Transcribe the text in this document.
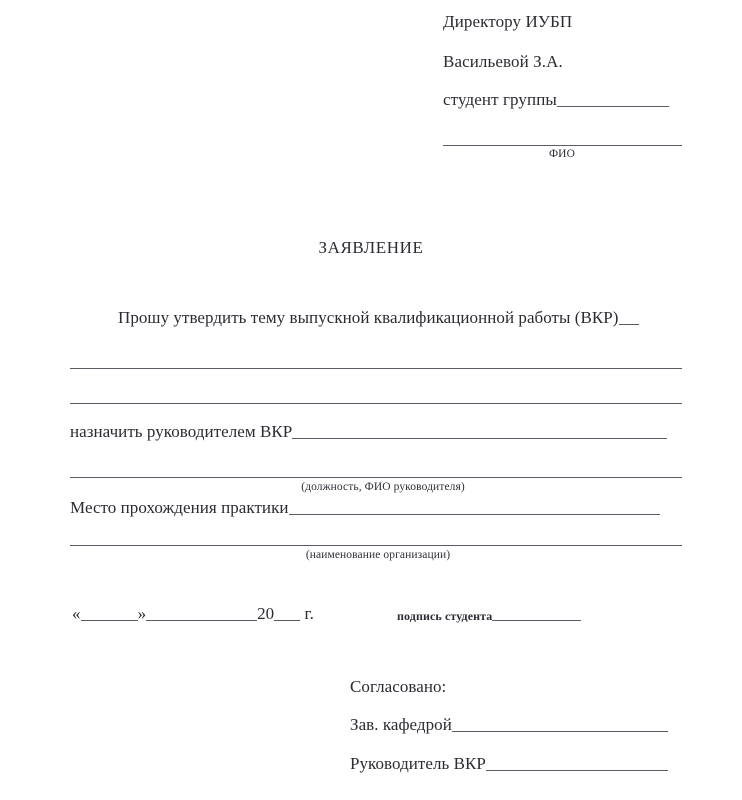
Директору ИУБП
Васильевой З.А.
студент группы
ФИО
ЗАЯВЛЕНИЕ
Прошу утвердить тему выпускной квалификационной работы (ВКР)
назначить руководителем ВКР
(должность, ФИО руководителя)
Место прохождения практики
(наименование организации)
«	»	20 г.	подпись студента
Согласовано:
Зав. кафедрой
Руководитель ВКР
